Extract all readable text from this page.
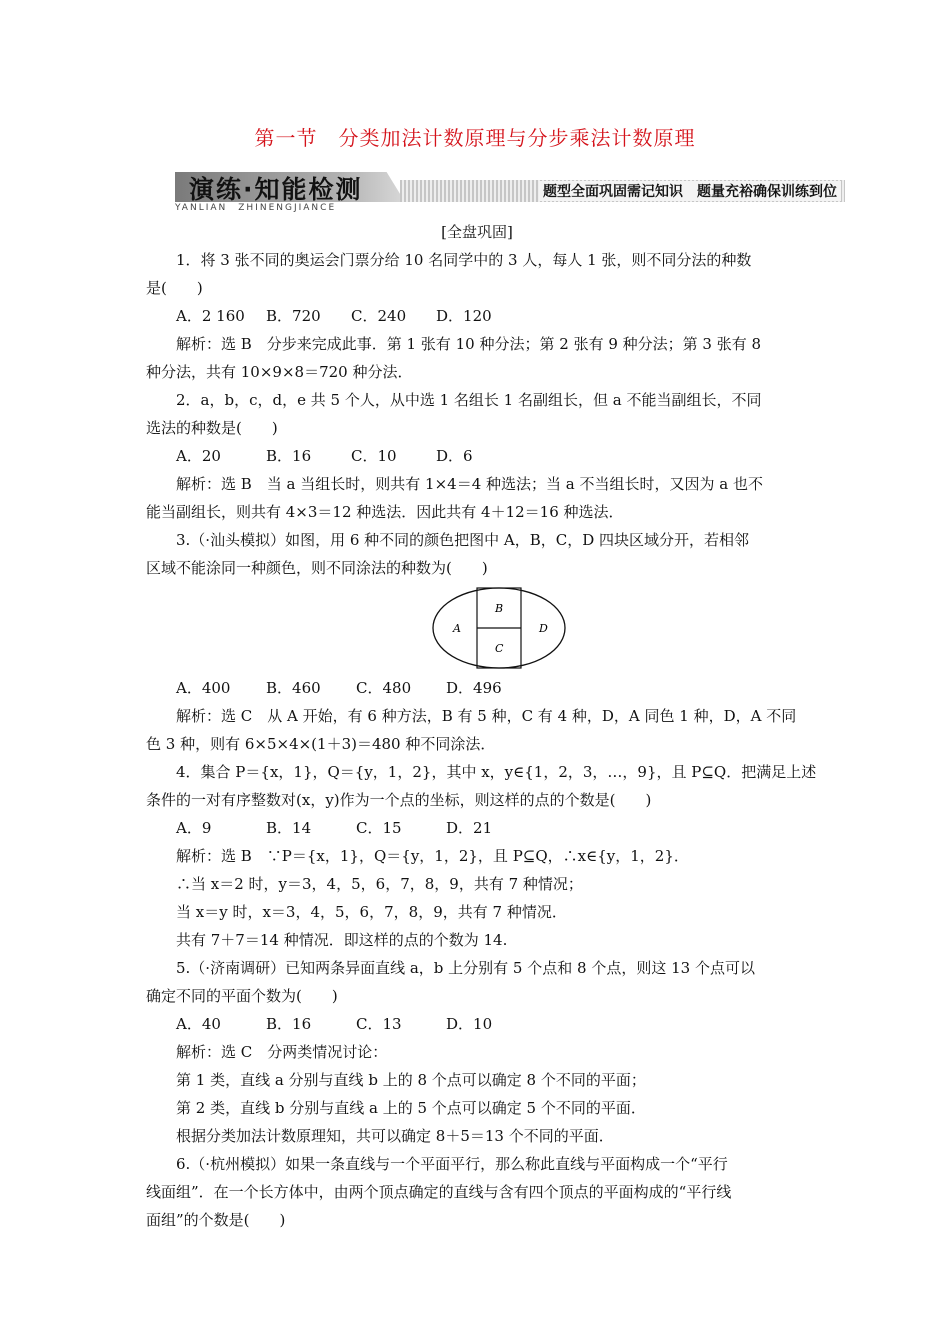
第一节　分类加法计数原理与分步乘法计数原理
演练·知能检测
YANLIAN　ZHINENGJIANCE
题型全面巩固需记知识　题量充裕确保训练到位
[全盘巩固]
1．将 3 张不同的奥运会门票分给 10 名同学中的 3 人，每人 1 张，则不同分法的种数
是(　　)
A．2 160 B．720 C．240 D．120
解析：选 B　分步来完成此事．第 1 张有 10 种分法；第 2 张有 9 种分法；第 3 张有 8
种分法，共有 10×9×8＝720 种分法．
2．a，b，c，d，e 共 5 个人，从中选 1 名组长 1 名副组长，但 a 不能当副组长，不同
选法的种数是(　　)
A．20	B．16	C．10	D．6
解析：选 B　当 a 当组长时，则共有 1×4＝4 种选法；当 a 不当组长时，又因为 a 也不
能当副组长，则共有 4×3＝12 种选法．因此共有 4＋12＝16 种选法．
3.（·汕头模拟）如图，用 6 种不同的颜色把图中 A，B，C，D 四块区域分开，若相邻
区域不能涂同一种颜色，则不同涂法的种数为(　　)
A
B
C
D
A．400 B．460 C．480 D．496
解析：选 C　从 A 开始，有 6 种方法，B 有 5 种，C 有 4 种，D，A 同色 1 种，D，A 不同
色 3 种，则有 6×5×4×(1＋3)＝480 种不同涂法．
4．集合 P＝{x，1}，Q＝{y，1，2}，其中 x，y∈{1，2，3，…，9}，且 P⊆Q．把满足上述
条件的一对有序整数对(x，y)作为一个点的坐标，则这样的点的个数是(　　)
A．9	B．14	C．15	D．21
解析：选 B　∵P＝{x，1}，Q＝{y，1，2}，且 P⊆Q，∴x∈{y，1，2}．
∴当 x＝2 时，y＝3，4，5，6，7，8，9，共有 7 种情况；
当 x＝y 时，x＝3，4，5，6，7，8，9，共有 7 种情况．
共有 7＋7＝14 种情况．即这样的点的个数为 14.
5.（·济南调研）已知两条异面直线 a，b 上分别有 5 个点和 8 个点，则这 13 个点可以
确定不同的平面个数为(　　)
A．40	B．16	C．13	D．10
解析：选 C　分两类情况讨论：
第 1 类，直线 a 分别与直线 b 上的 8 个点可以确定 8 个不同的平面；
第 2 类，直线 b 分别与直线 a 上的 5 个点可以确定 5 个不同的平面．
根据分类加法计数原理知，共可以确定 8＋5＝13 个不同的平面．
6.（·杭州模拟）如果一条直线与一个平面平行，那么称此直线与平面构成一个“平行
线面组”．在一个长方体中，由两个顶点确定的直线与含有四个顶点的平面构成的“平行线
面组”的个数是(　　)
